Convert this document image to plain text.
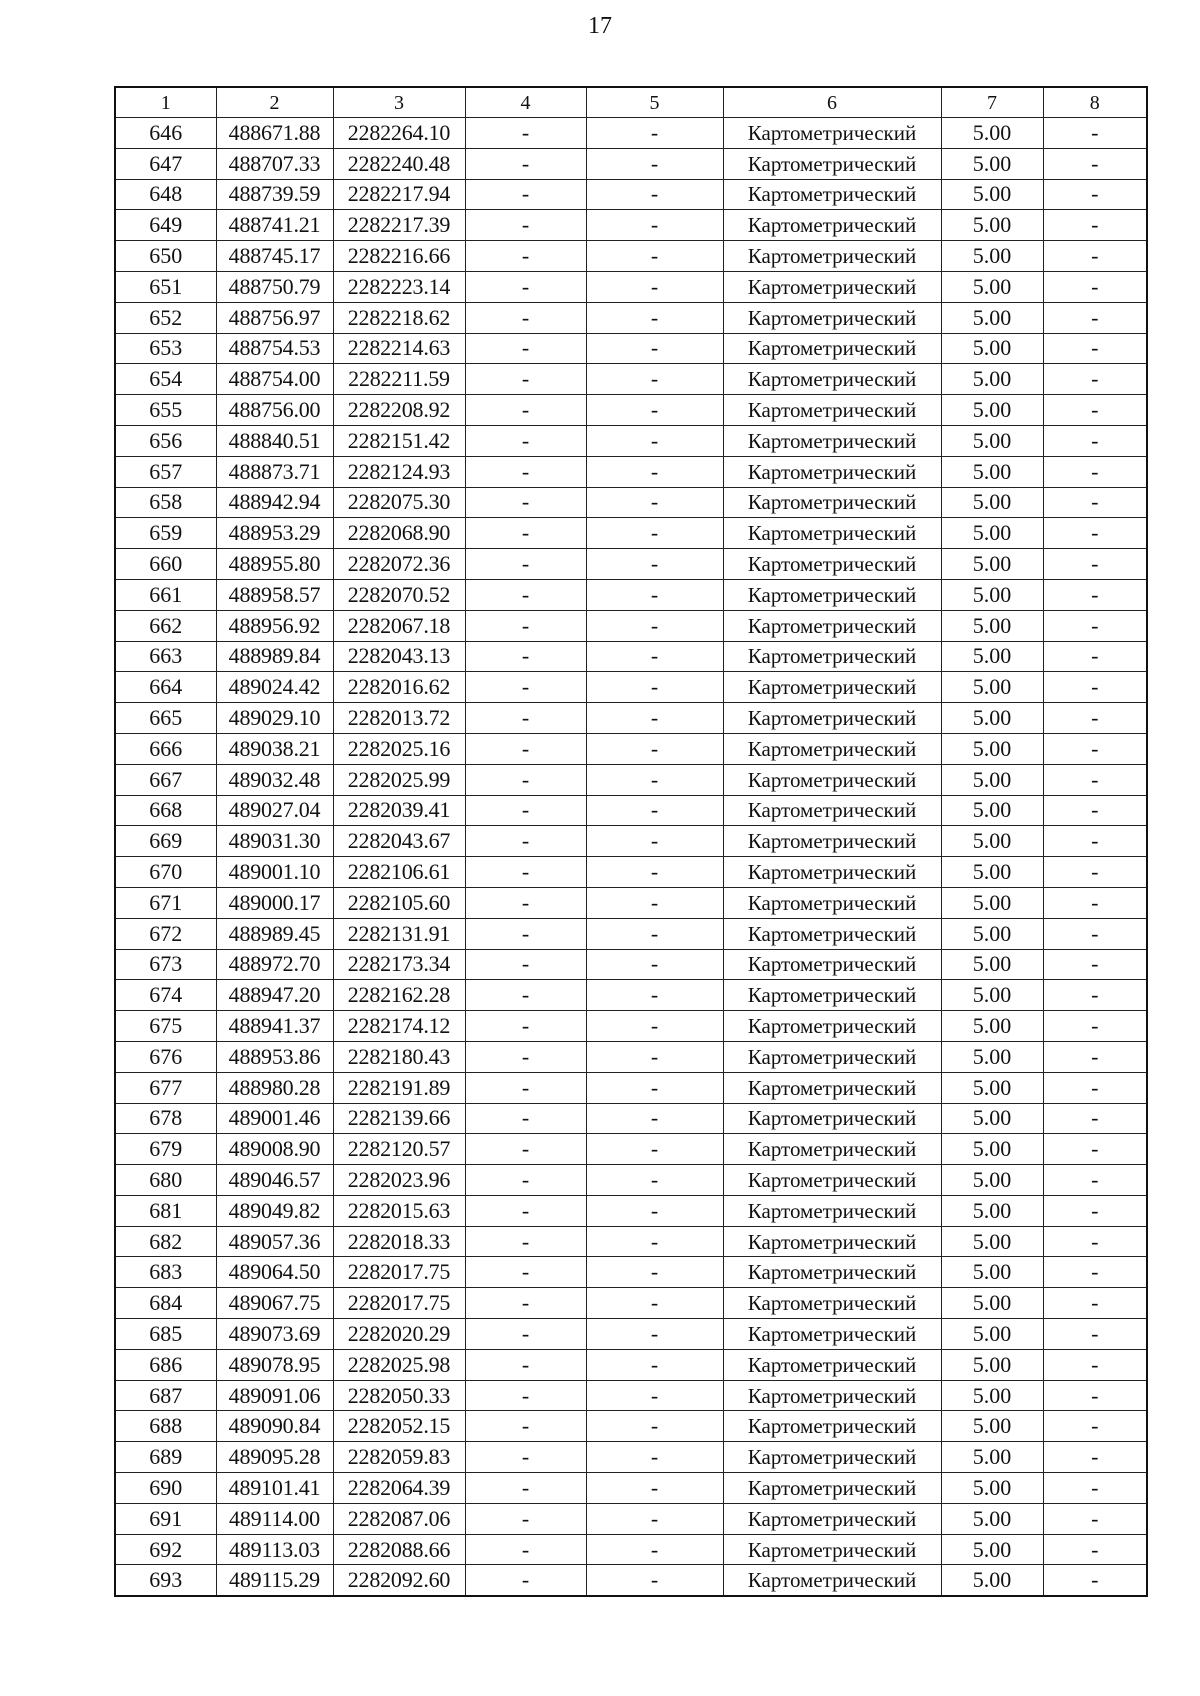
17
1	2	3	4	5	6	7	8
646	488671.88	2282264.10	-	-	Картометрический	5.00	-
647	488707.33	2282240.48	-	-	Картометрический	5.00	-
648	488739.59	2282217.94	-	-	Картометрический	5.00	-
649	488741.21	2282217.39	-	-	Картометрический	5.00	-
650	488745.17	2282216.66	-	-	Картометрический	5.00	-
651	488750.79	2282223.14	-	-	Картометрический	5.00	-
652	488756.97	2282218.62	-	-	Картометрический	5.00	-
653	488754.53	2282214.63	-	-	Картометрический	5.00	-
654	488754.00	2282211.59	-	-	Картометрический	5.00	-
655	488756.00	2282208.92	-	-	Картометрический	5.00	-
656	488840.51	2282151.42	-	-	Картометрический	5.00	-
657	488873.71	2282124.93	-	-	Картометрический	5.00	-
658	488942.94	2282075.30	-	-	Картометрический	5.00	-
659	488953.29	2282068.90	-	-	Картометрический	5.00	-
660	488955.80	2282072.36	-	-	Картометрический	5.00	-
661	488958.57	2282070.52	-	-	Картометрический	5.00	-
662	488956.92	2282067.18	-	-	Картометрический	5.00	-
663	488989.84	2282043.13	-	-	Картометрический	5.00	-
664	489024.42	2282016.62	-	-	Картометрический	5.00	-
665	489029.10	2282013.72	-	-	Картометрический	5.00	-
666	489038.21	2282025.16	-	-	Картометрический	5.00	-
667	489032.48	2282025.99	-	-	Картометрический	5.00	-
668	489027.04	2282039.41	-	-	Картометрический	5.00	-
669	489031.30	2282043.67	-	-	Картометрический	5.00	-
670	489001.10	2282106.61	-	-	Картометрический	5.00	-
671	489000.17	2282105.60	-	-	Картометрический	5.00	-
672	488989.45	2282131.91	-	-	Картометрический	5.00	-
673	488972.70	2282173.34	-	-	Картометрический	5.00	-
674	488947.20	2282162.28	-	-	Картометрический	5.00	-
675	488941.37	2282174.12	-	-	Картометрический	5.00	-
676	488953.86	2282180.43	-	-	Картометрический	5.00	-
677	488980.28	2282191.89	-	-	Картометрический	5.00	-
678	489001.46	2282139.66	-	-	Картометрический	5.00	-
679	489008.90	2282120.57	-	-	Картометрический	5.00	-
680	489046.57	2282023.96	-	-	Картометрический	5.00	-
681	489049.82	2282015.63	-	-	Картометрический	5.00	-
682	489057.36	2282018.33	-	-	Картометрический	5.00	-
683	489064.50	2282017.75	-	-	Картометрический	5.00	-
684	489067.75	2282017.75	-	-	Картометрический	5.00	-
685	489073.69	2282020.29	-	-	Картометрический	5.00	-
686	489078.95	2282025.98	-	-	Картометрический	5.00	-
687	489091.06	2282050.33	-	-	Картометрический	5.00	-
688	489090.84	2282052.15	-	-	Картометрический	5.00	-
689	489095.28	2282059.83	-	-	Картометрический	5.00	-
690	489101.41	2282064.39	-	-	Картометрический	5.00	-
691	489114.00	2282087.06	-	-	Картометрический	5.00	-
692	489113.03	2282088.66	-	-	Картометрический	5.00	-
693	489115.29	2282092.60	-	-	Картометрический	5.00	-
